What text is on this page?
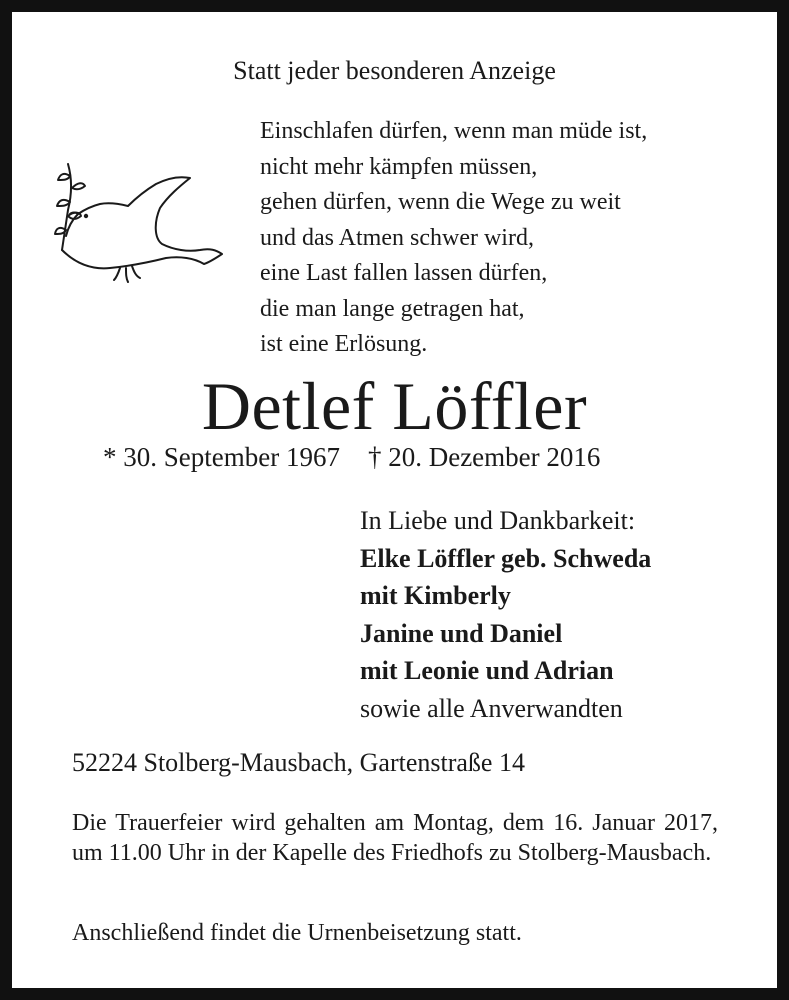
Statt jeder besonderen Anzeige
Einschlafen dürfen, wenn man müde ist,
nicht mehr kämpfen müssen,
gehen dürfen, wenn die Wege zu weit
und das Atmen schwer wird,
eine Last fallen lassen dürfen,
die man lange getragen hat,
ist eine Erlösung.
Detlef Löffler
* 30. September 1967 † 20. Dezember 2016
In Liebe und Dankbarkeit:
Elke Löffler geb. Schweda
mit Kimberly
Janine und Daniel
mit Leonie und Adrian
sowie alle Anverwandten
52224 Stolberg-Mausbach, Gartenstraße 14
Die Trauerfeier wird gehalten am Montag, dem 16. Januar 2017, um 11.00 Uhr in der Kapelle des Friedhofs zu Stolberg-Mausbach.
Anschließend findet die Urnenbeisetzung statt.
